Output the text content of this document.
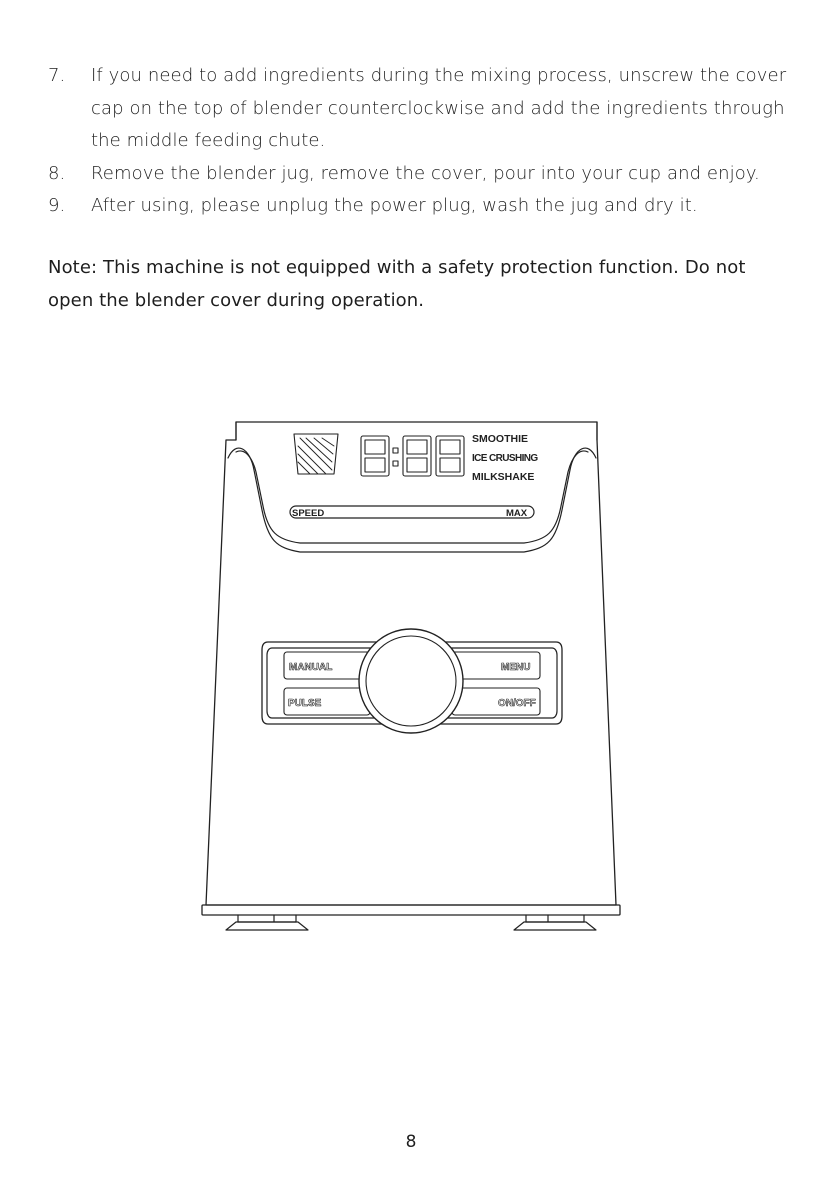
7. If you need to add ingredients during the mixing process, unscrew the cover cap on the top of blender counterclockwise and add the ingredients through the middle feeding chute.
8. Remove the blender jug, remove the cover, pour into your cup and enjoy.
9. After using, please unplug the power plug, wash the jug and dry it.

Note: This machine is not equipped with a safety protection function. Do not open the blender cover during operation.

SMOOTHIE
ICE CRUSHING
MILKSHAKE
SPEED	MAX
MANUAL	MENU
PULSE	ON/OFF
8
